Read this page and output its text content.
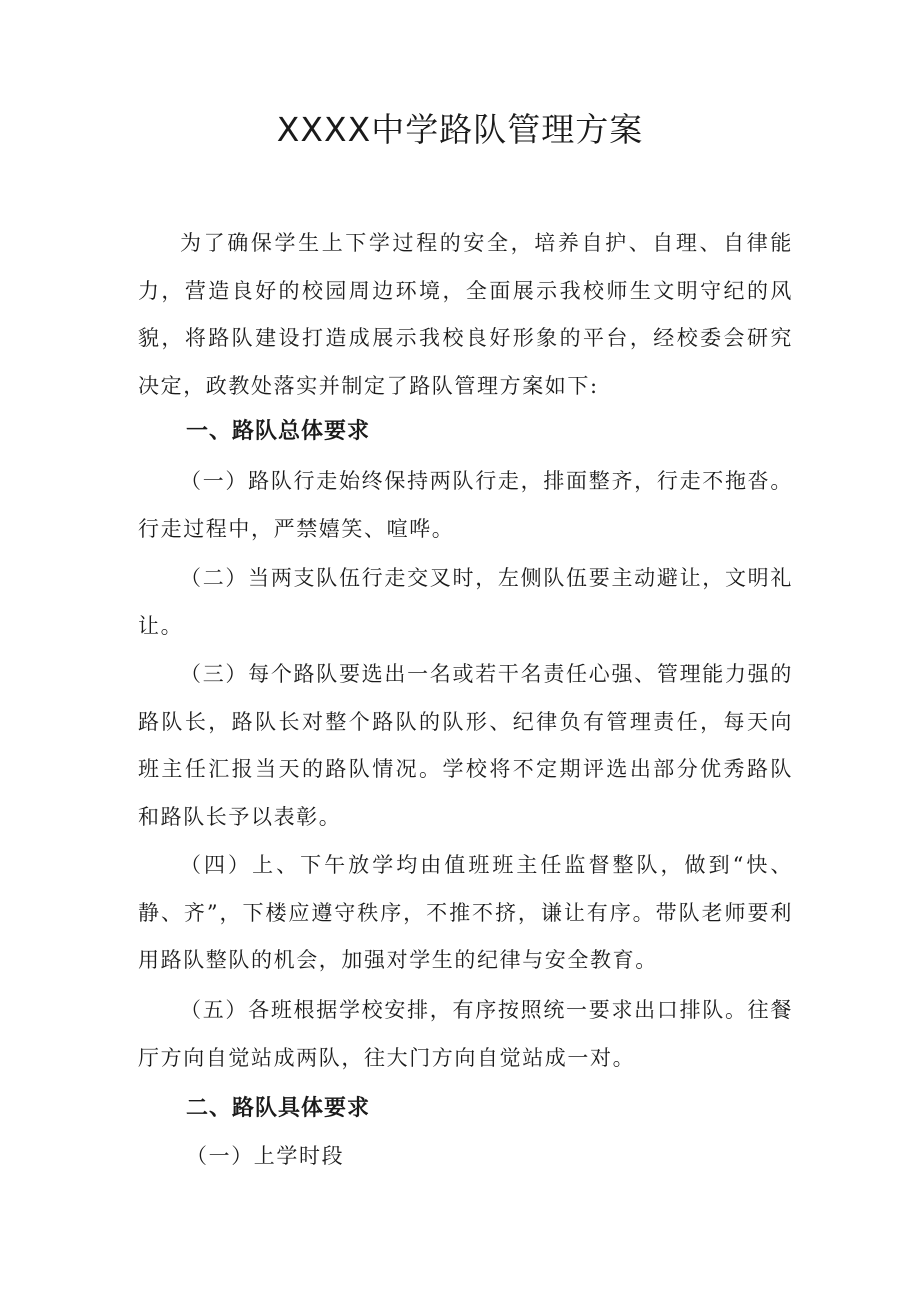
XXXX中学路队管理方案

为了确保学生上下学过程的安全，培养自护、自理、自律能力，营造良好的校园周边环境，全面展示我校师生文明守纪的风貌，将路队建设打造成展示我校良好形象的平台，经校委会研究决定，政教处落实并制定了路队管理方案如下:

一、路队总体要求

（一）路队行走始终保持两队行走，排面整齐，行走不拖沓。行走过程中，严禁嬉笑、喧哗。

（二）当两支队伍行走交叉时，左侧队伍要主动避让，文明礼让。

（三）每个路队要选出一名或若干名责任心强、管理能力强的路队长，路队长对整个路队的队形、纪律负有管理责任，每天向班主任汇报当天的路队情况。学校将不定期评选出部分优秀路队和路队长予以表彰。

（四）上、下午放学均由值班班主任监督整队，做到“快、静、齐”，下楼应遵守秩序，不推不挤，谦让有序。带队老师要利用路队整队的机会，加强对学生的纪律与安全教育。

（五）各班根据学校安排，有序按照统一要求出口排队。往餐厅方向自觉站成两队，往大门方向自觉站成一对。

二、路队具体要求

（一）上学时段
